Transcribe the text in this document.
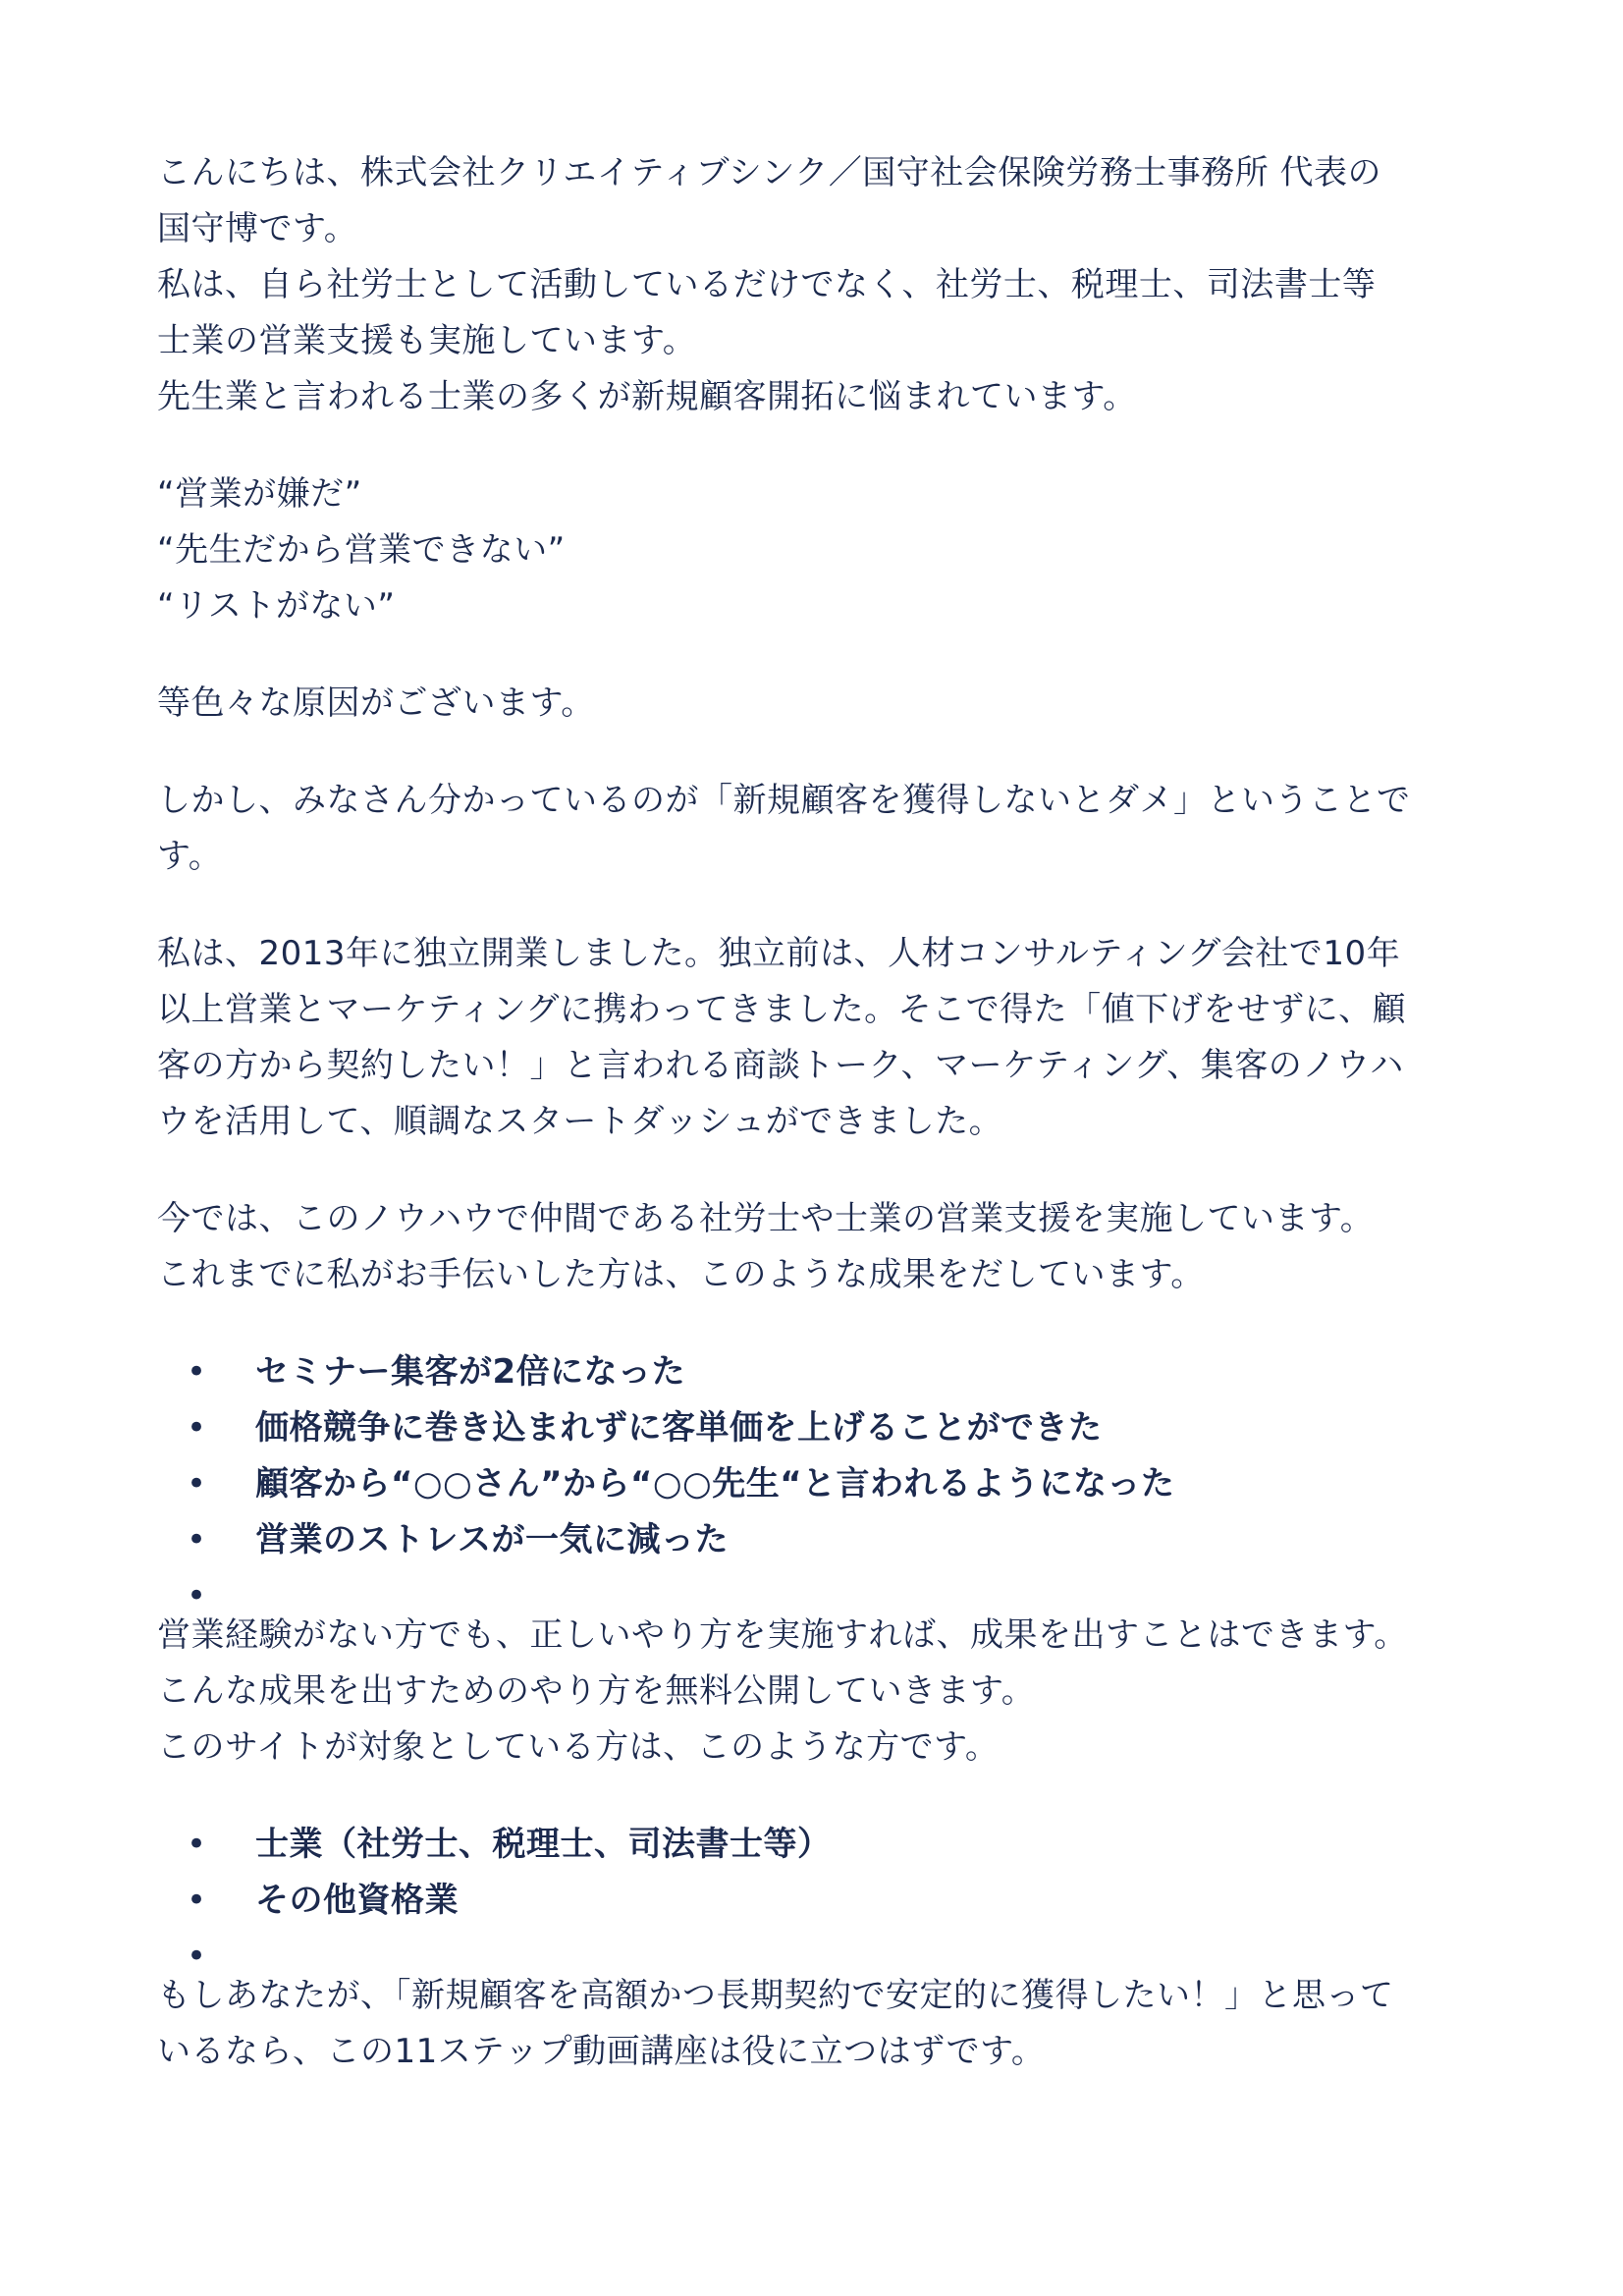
こんにちは、株式会社クリエイティブシンク／国守社会保険労務士事務所 代表の
国守博です。
私は、自ら社労士として活動しているだけでなく、社労士、税理士、司法書士等
士業の営業支援も実施しています。
先生業と言われる士業の多くが新規顧客開拓に悩まれています。
“営業が嫌だ”
“先生だから営業できない”
“リストがない”
等色々な原因がございます。
しかし、みなさん分かっているのが「新規顧客を獲得しないとダメ」ということで
す。
私は、2013年に独立開業しました。独立前は、人材コンサルティング会社で10年
以上営業とマーケティングに携わってきました。そこで得た「値下げをせずに、顧
客の方から契約したい！」と言われる商談トーク、マーケティング、集客のノウハ
ウを活用して、順調なスタートダッシュができました。
今では、このノウハウで仲間である社労士や士業の営業支援を実施しています。
これまでに私がお手伝いした方は、このような成果をだしています。
• セミナー集客が2倍になった
• 価格競争に巻き込まれずに客単価を上げることができた
• 顧客から“○○さん”から“○○先生“と言われるようになった
• 営業のストレスが一気に減った
•
営業経験がない方でも、正しいやり方を実施すれば、成果を出すことはできます。
こんな成果を出すためのやり方を無料公開していきます。
このサイトが対象としている方は、このような方です。
• 士業（社労士、税理士、司法書士等）
• その他資格業
•
もしあなたが、「新規顧客を高額かつ長期契約で安定的に獲得したい！」と思って
いるなら、この11ステップ動画講座は役に立つはずです。
